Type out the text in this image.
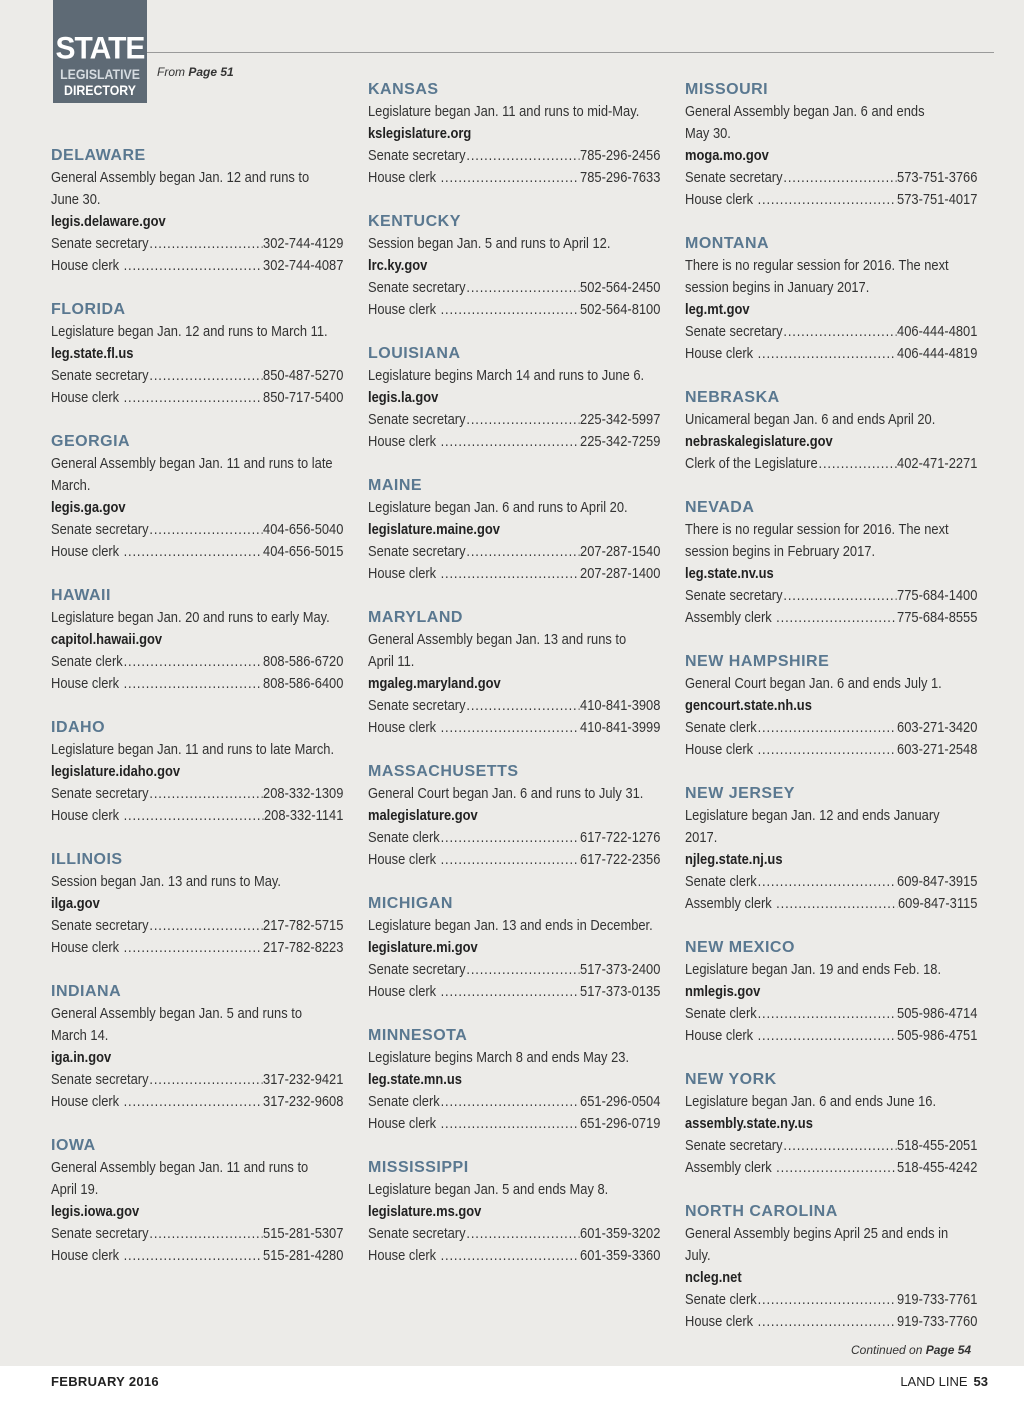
STATE
LEGISLATIVE
DIRECTORY
From Page 51
DELAWARE
General Assembly began Jan. 12 and runs to
June 30.
legis.delaware.gov
Senate secretary .....	302-744-4129
House clerk .....	302-744-4087
FLORIDA
Legislature began Jan. 12 and runs to March 11.
leg.state.fl.us
Senate secretary .....	850-487-5270
House clerk .....	850-717-5400
GEORGIA
General Assembly began Jan. 11 and runs to late
March.
legis.ga.gov
Senate secretary .....	404-656-5040
House clerk .....	404-656-5015
HAWAII
Legislature began Jan. 20 and runs to early May.
capitol.hawaii.gov
Senate clerk .....	808-586-6720
House clerk .....	808-586-6400
IDAHO
Legislature began Jan. 11 and runs to late March.
legislature.idaho.gov
Senate secretary .....	208-332-1309
House clerk .....	208-332-1141
ILLINOIS
Session began Jan. 13 and runs to May.
ilga.gov
Senate secretary .....	217-782-5715
House clerk .....	217-782-8223
INDIANA
General Assembly began Jan. 5 and runs to
March 14.
iga.in.gov
Senate secretary .....	317-232-9421
House clerk .....	317-232-9608
IOWA
General Assembly began Jan. 11 and runs to
April 19.
legis.iowa.gov
Senate secretary .....	515-281-5307
House clerk .....	515-281-4280
KANSAS
Legislature began Jan. 11 and runs to mid-May.
kslegislature.org
Senate secretary .....	785-296-2456
House clerk .....	785-296-7633
KENTUCKY
Session began Jan. 5 and runs to April 12.
lrc.ky.gov
Senate secretary .....	502-564-2450
House clerk .....	502-564-8100
LOUISIANA
Legislature begins March 14 and runs to June 6.
legis.la.gov
Senate secretary .....	225-342-5997
House clerk .....	225-342-7259
MAINE
Legislature began Jan. 6 and runs to April 20.
legislature.maine.gov
Senate secretary .....	207-287-1540
House clerk .....	207-287-1400
MARYLAND
General Assembly began Jan. 13 and runs to
April 11.
mgaleg.maryland.gov
Senate secretary .....	410-841-3908
House clerk .....	410-841-3999
MASSACHUSETTS
General Court began Jan. 6 and runs to July 31.
malegislature.gov
Senate clerk .....	617-722-1276
House clerk .....	617-722-2356
MICHIGAN
Legislature began Jan. 13 and ends in December.
legislature.mi.gov
Senate secretary .....	517-373-2400
House clerk .....	517-373-0135
MINNESOTA
Legislature begins March 8 and ends May 23.
leg.state.mn.us
Senate clerk .....	651-296-0504
House clerk .....	651-296-0719
MISSISSIPPI
Legislature began Jan. 5 and ends May 8.
legislature.ms.gov
Senate secretary .....	601-359-3202
House clerk .....	601-359-3360
MISSOURI
General Assembly began Jan. 6 and ends
May 30.
moga.mo.gov
Senate secretary .....	573-751-3766
House clerk .....	573-751-4017
MONTANA
There is no regular session for 2016. The next
session begins in January 2017.
leg.mt.gov
Senate secretary .....	406-444-4801
House clerk .....	406-444-4819
NEBRASKA
Unicameral began Jan. 6 and ends April 20.
nebraskalegislature.gov
Clerk of the Legislature .....	402-471-2271
NEVADA
There is no regular session for 2016. The next
session begins in February 2017.
leg.state.nv.us
Senate secretary .....	775-684-1400
Assembly clerk .....	775-684-8555
NEW HAMPSHIRE
General Court began Jan. 6 and ends July 1.
gencourt.state.nh.us
Senate clerk .....	603-271-3420
House clerk .....	603-271-2548
NEW JERSEY
Legislature began Jan. 12 and ends January
2017.
njleg.state.nj.us
Senate clerk .....	609-847-3915
Assembly clerk .....	609-847-3115
NEW MEXICO
Legislature began Jan. 19 and ends Feb. 18.
nmlegis.gov
Senate clerk .....	505-986-4714
House clerk .....	505-986-4751
NEW YORK
Legislature began Jan. 6 and ends June 16.
assembly.state.ny.us
Senate secretary .....	518-455-2051
Assembly clerk .....	518-455-4242
NORTH CAROLINA
General Assembly begins April 25 and ends in
July.
ncleg.net
Senate clerk .....	919-733-7761
House clerk .....	919-733-7760
Continued on Page 54
FEBRUARY 2016	LAND LINE 53
